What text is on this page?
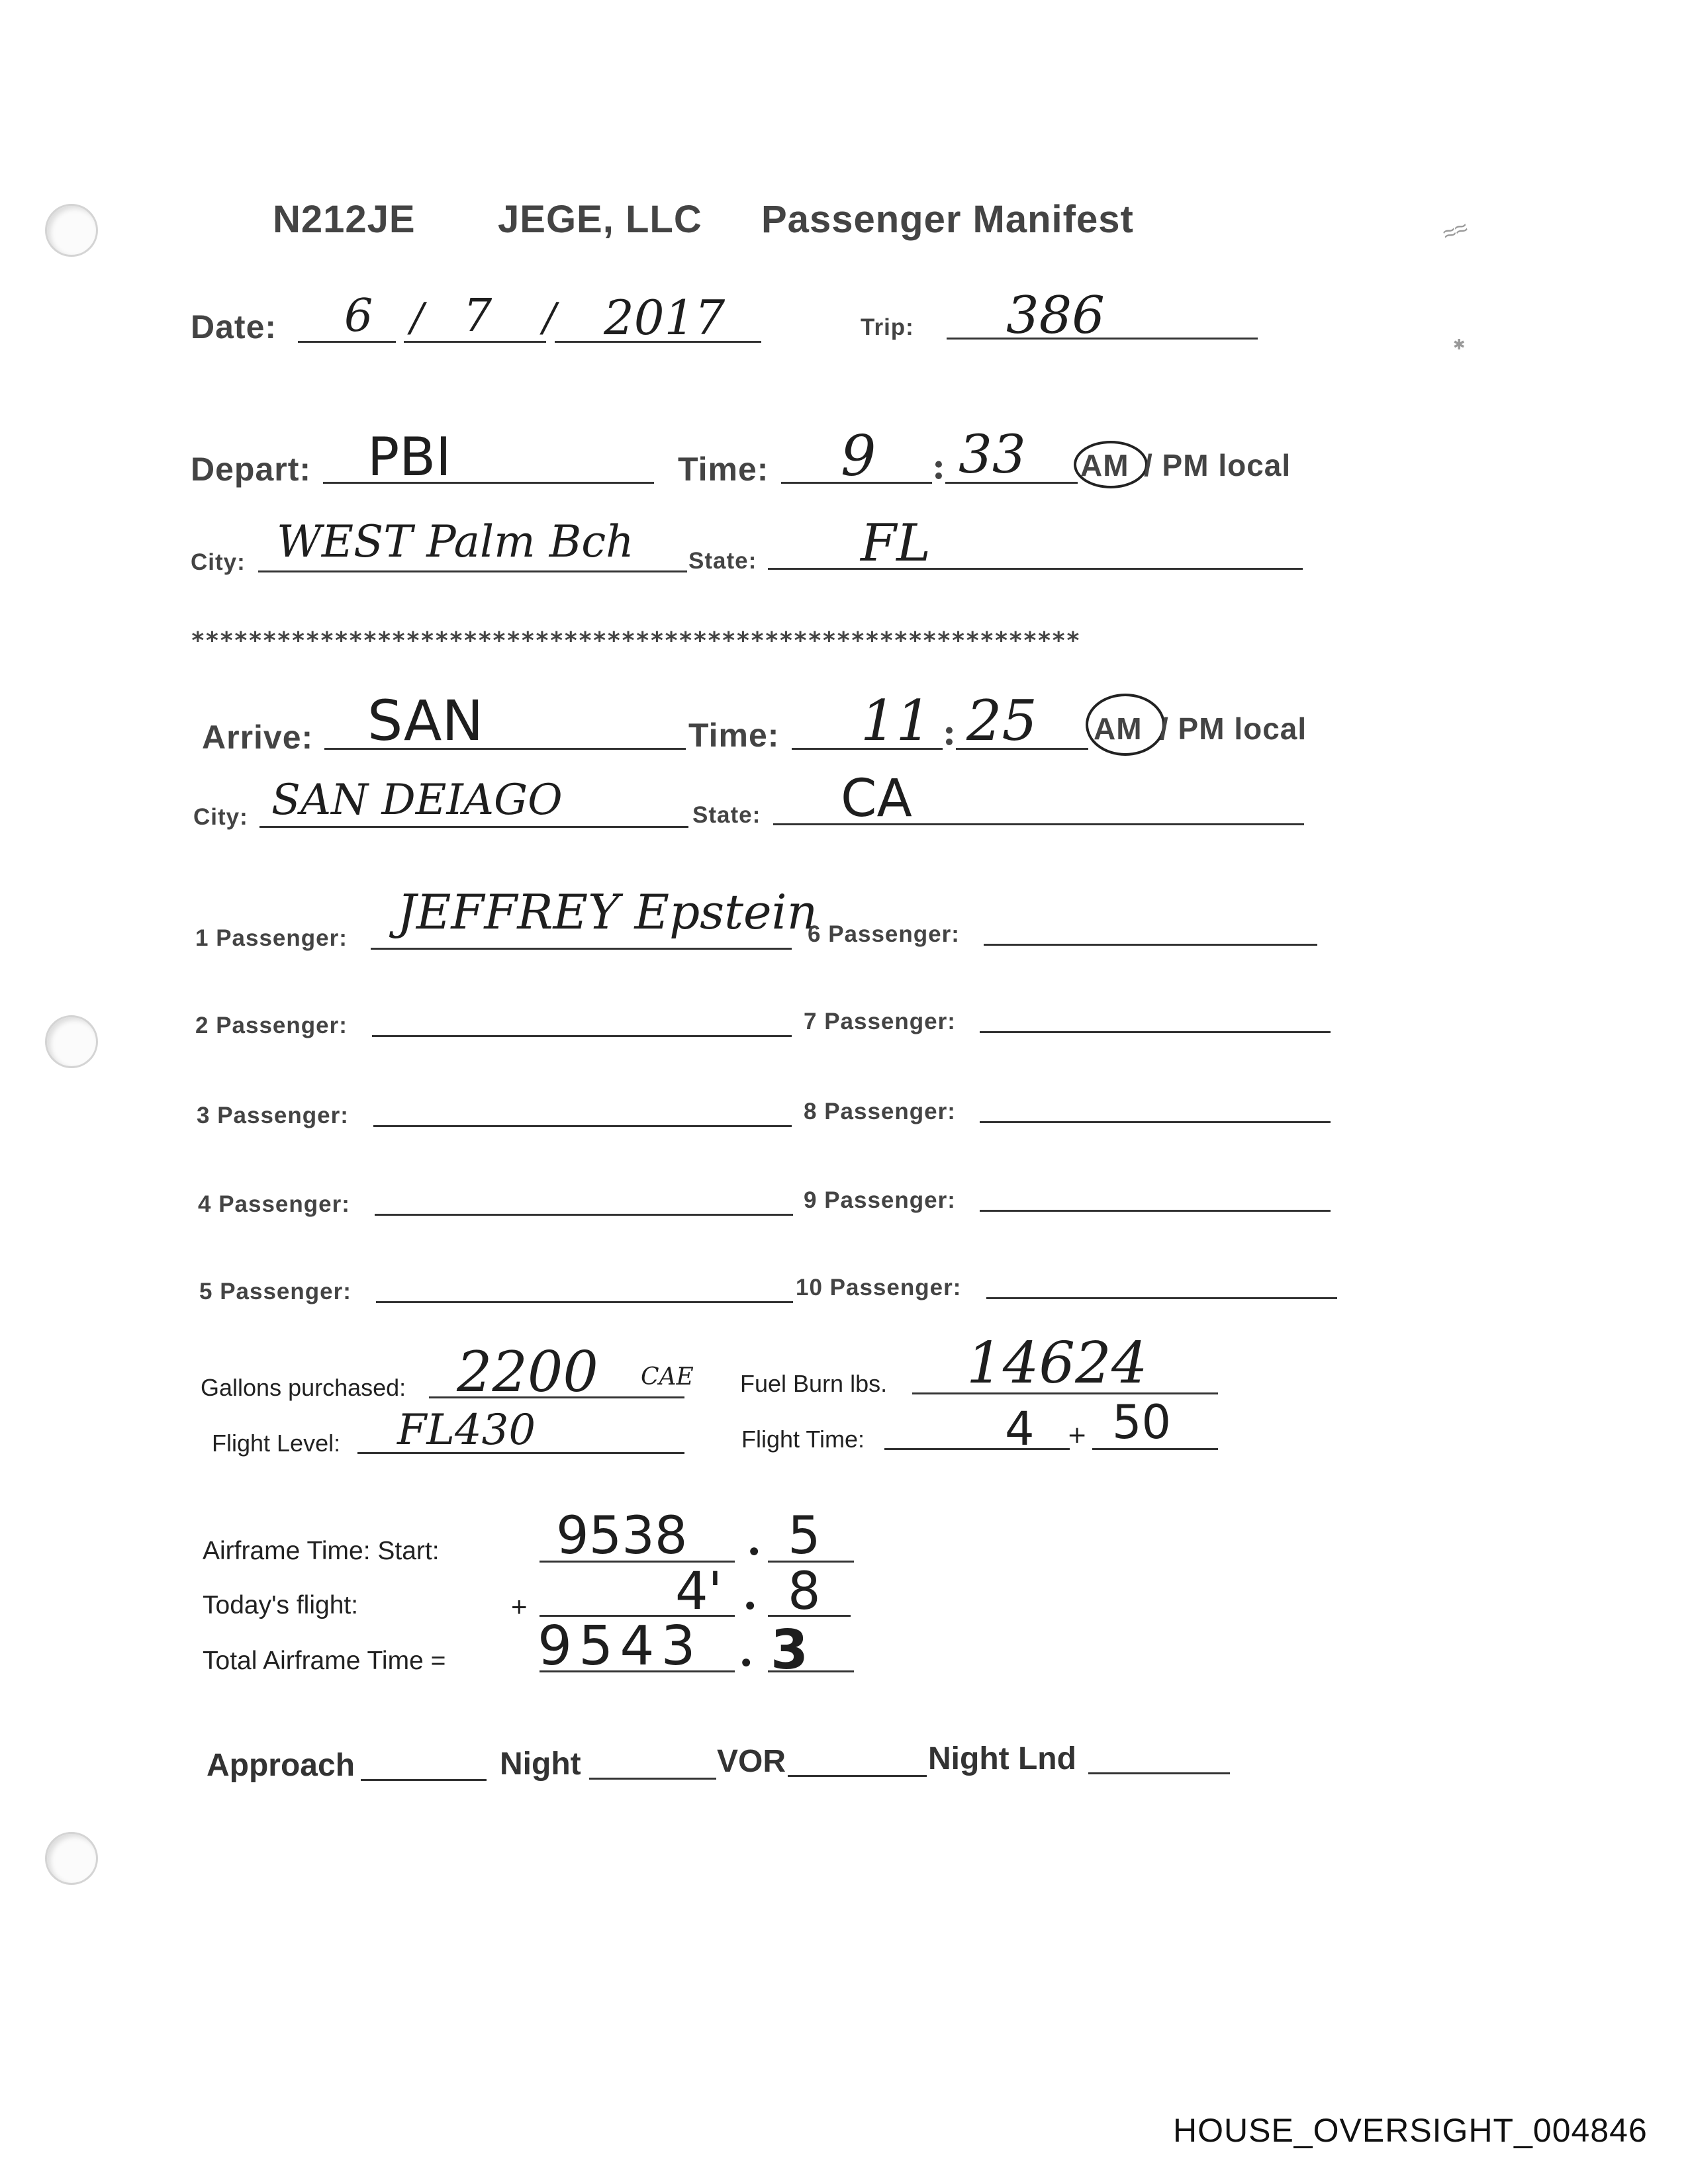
≈≈
✱
N212JE JEGE, LLC Passenger Manifest
Date: 6 / 7 / 2017	Trip: 386
Depart: PBI	Time: 9 : 33 AM / PM local
City: WEST Palm Bch State: FL
**************************************************************
Arrive: SAN	Time: 11 : 25 AM / PM local
City: SAN DEIAGO	State: CA
1 Passenger: JEFFREY Epstein
2 Passenger:
3 Passenger:
4 Passenger:
5 Passenger:
6 Passenger:
7 Passenger:
8 Passenger:
9 Passenger:
10 Passenger:
Gallons purchased: 2200 CAE Fuel Burn lbs. 14624
Flight Level: FL430	Flight Time:	4 + 50
Airframe Time: Start: 9538 . 5
Today's flight:	+	4' . 8
Total Airframe Time = 9543 . 3
Approach	Night	VOR	Night Lnd
HOUSE_OVERSIGHT_004846
